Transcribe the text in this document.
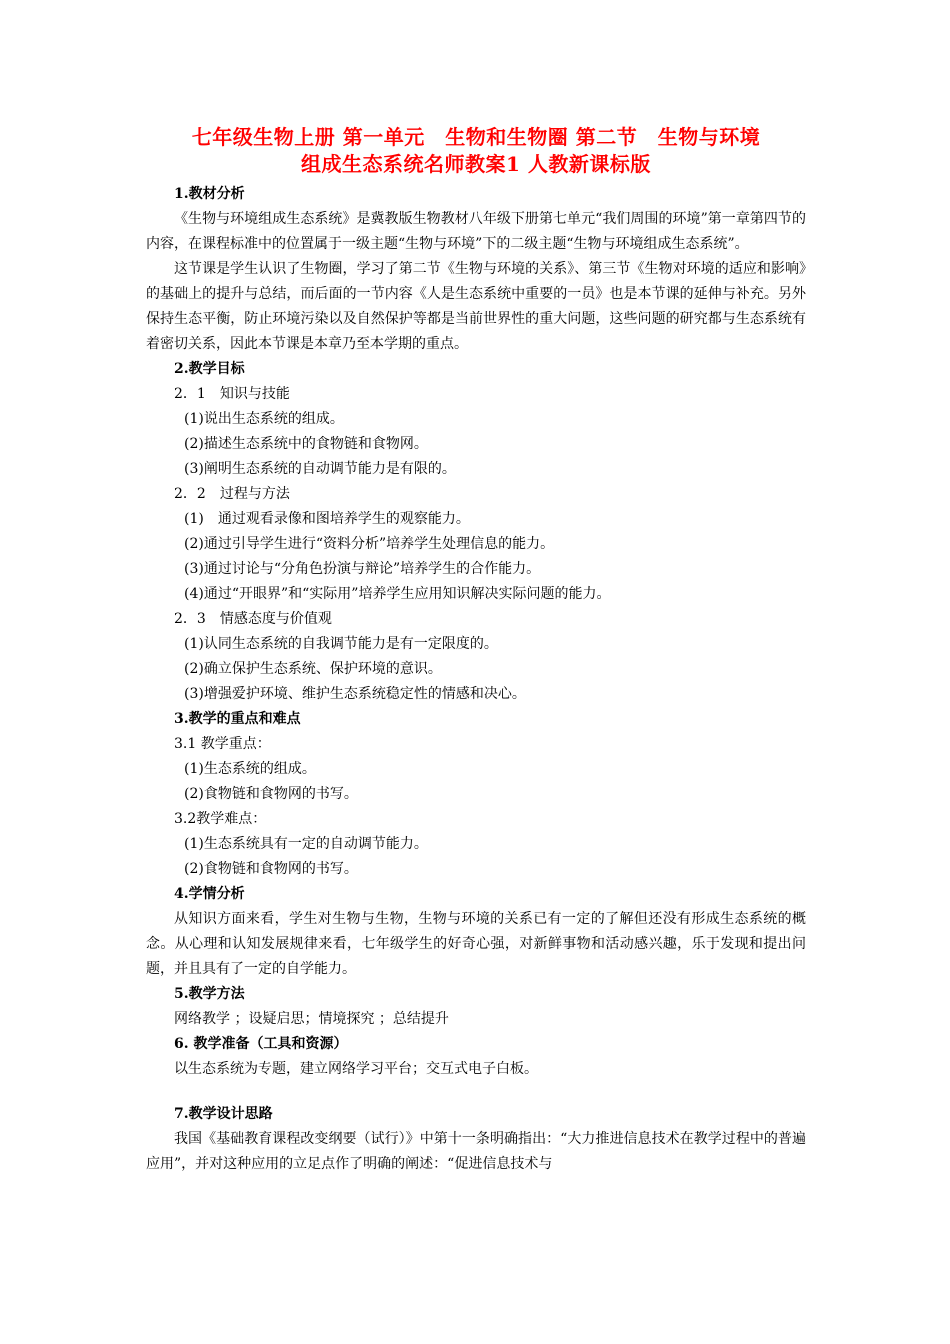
七年级生物上册 第一单元　生物和生物圈 第二节　生物与环境
组成生态系统名师教案1 人教新课标版
1.教材分析

《生物与环境组成生态系统》是冀教版生物教材八年级下册第七单元“我们周围的环境”第一章第四节的内容，在课程标准中的位置属于一级主题“生物与环境”下的二级主题“生物与环境组成生态系统”。

这节课是学生认识了生物圈，学习了第二节《生物与环境的关系》、第三节《生物对环境的适应和影响》的基础上的提升与总结，而后面的一节内容《人是生态系统中重要的一员》也是本节课的延伸与补充。另外保持生态平衡，防止环境污染以及自然保护等都是当前世界性的重大问题，这些问题的研究都与生态系统有着密切关系，因此本节课是本章乃至本学期的重点。

2.教学目标
2．1　知识与技能
(1)说出生态系统的组成。
(2)描述生态系统中的食物链和食物网。
(3)阐明生态系统的自动调节能力是有限的。
2．2　过程与方法
(1)　通过观看录像和图培养学生的观察能力。
(2)通过引导学生进行“资料分析”培养学生处理信息的能力。
(3)通过讨论与“分角色扮演与辩论”培养学生的合作能力。
(4)通过“开眼界”和“实际用”培养学生应用知识解决实际问题的能力。
2．3　情感态度与价值观
(1)认同生态系统的自我调节能力是有一定限度的。
(2)确立保护生态系统、保护环境的意识。
(3)增强爱护环境、维护生态系统稳定性的情感和决心。
3.教学的重点和难点
3.1 教学重点：
(1)生态系统的组成。
(2)食物链和食物网的书写。
3.2教学难点：
(1)生态系统具有一定的自动调节能力。
(2)食物链和食物网的书写。
4.学情分析

从知识方面来看，学生对生物与生物，生物与环境的关系已有一定的了解但还没有形成生态系统的概念。从心理和认知发展规律来看，七年级学生的好奇心强，对新鲜事物和活动感兴趣，乐于发现和提出问题，并且具有了一定的自学能力。

5.教学方法
网络教学 ；设疑启思；情境探究 ；总结提升
6. 教学准备（工具和资源）
以生态系统为专题，建立网络学习平台；交互式电子白板。
7.教学设计思路

我国《基础教育课程改变纲要（试行）》中第十一条明确指出：“大力推进信息技术在教学过程中的普遍应用”，并对这种应用的立足点作了明确的阐述：“促进信息技术与
